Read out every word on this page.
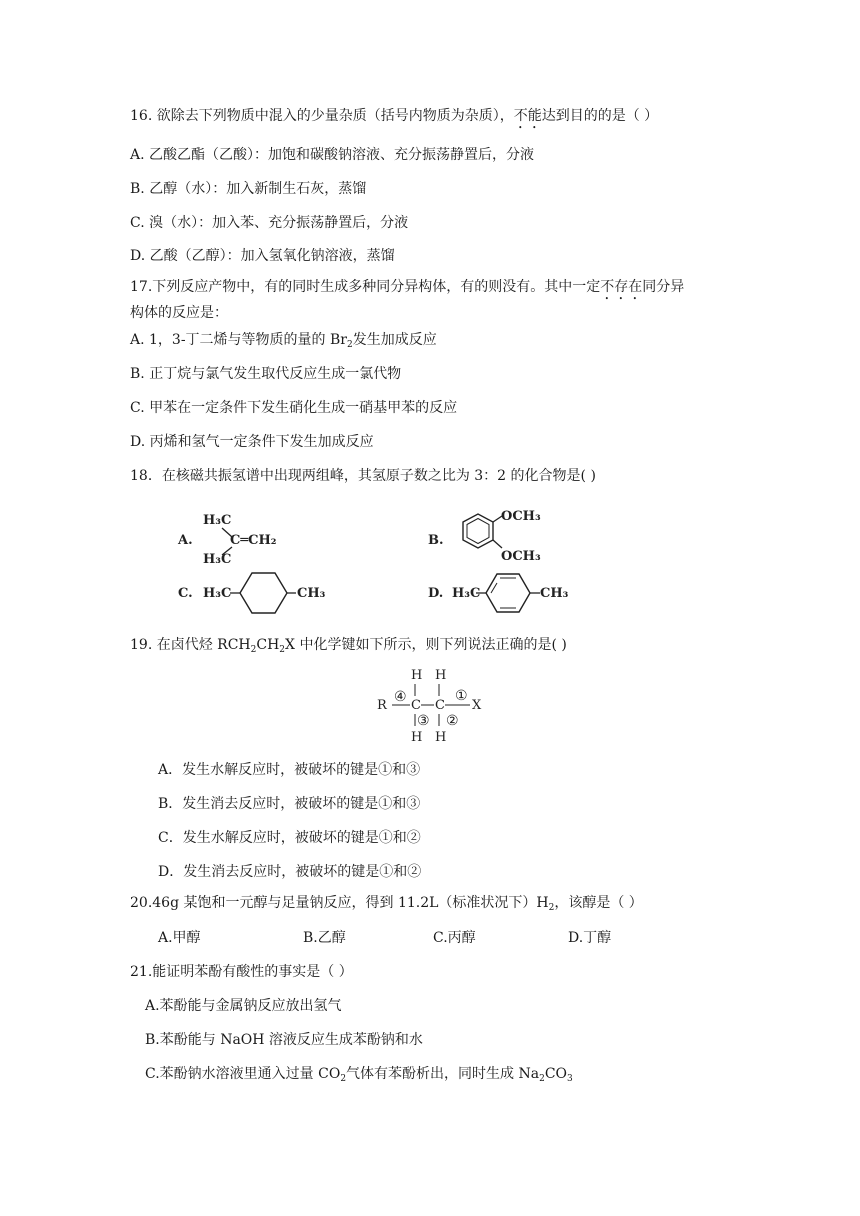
16. 欲除去下列物质中混入的少量杂质（括号内物质为杂质），不能达到目的的是（ ）
A. 乙酸乙酯（乙酸）：加饱和碳酸钠溶液、充分振荡静置后，分液
B. 乙醇（水）：加入新制生石灰，蒸馏
C. 溴（水）：加入苯、充分振荡静置后，分液
D. 乙酸（乙醇）：加入氢氧化钠溶液，蒸馏
17.下列反应产物中，有的同时生成多种同分异构体，有的则没有。其中一定不存在同分异
构体的反应是：
A. 1，3-丁二烯与等物质的量的 $Br_2$发生加成反应
B. 正丁烷与氯气发生取代反应生成一氯代物
C. 甲苯在一定条件下发生硝化生成一硝基甲苯的反应
D. 丙烯和氢气一定条件下发生加成反应
18．在核磁共振氢谱中出现两组峰，其氢原子数之比为 3：2 的化合物是( )
A.
H₃C
H₃C
C═CH₂	B.
OCH₃
OCH₃
C. H₃C	CH₃	D. H₃C	CH₃
19. 在卤代烃 $RCH_2CH_2X$ 中化学键如下所示，则下列说法正确的是( )
R
④
H
C
H
C
①
X
③ ②
H H
A．发生水解反应时，被破坏的键是①和③
B．发生消去反应时，被破坏的键是①和③
C．发生水解反应时，被破坏的键是①和②
D．发生消去反应时，被破坏的键是①和②
20.46g 某饱和一元醇与足量钠反应，得到 11.2L（标准状况下）$H_2$，该醇是（ ）
A.甲醇	B.乙醇	C.丙醇	D.丁醇
21.能证明苯酚有酸性的事实是（ ）
A.苯酚能与金属钠反应放出氢气
B.苯酚能与 NaOH 溶液反应生成苯酚钠和水
C.苯酚钠水溶液里通入过量 $CO_2$气体有苯酚析出，同时生成 $Na_2CO_3$
